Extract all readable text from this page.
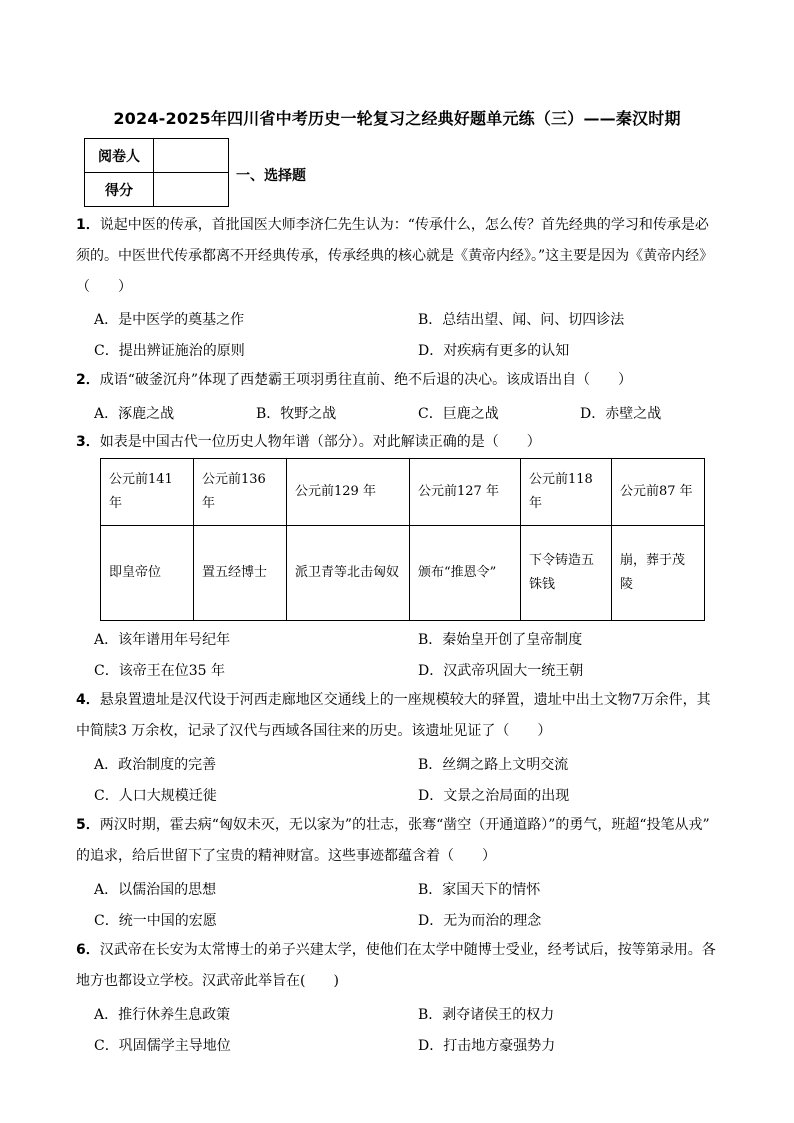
2024-2025年四川省中考历史一轮复习之经典好题单元练（三）——秦汉时期
阅卷人	
得分	
一、选择题
1．说起中医的传承，首批国医大师李济仁先生认为：“传承什么，怎么传？首先经典的学习和传承是必
须的。中医世代传承都离不开经典传承，传承经典的核心就是《黄帝内经》。”这主要是因为《黄帝内经》
（　　）
A．是中医学的奠基之作	B．总结出望、闻、问、切四诊法
C．提出辨证施治的原则	D．对疾病有更多的认知
2．成语“破釜沉舟”体现了西楚霸王项羽勇往直前、绝不后退的决心。该成语出自（　　）
A．涿鹿之战	B．牧野之战	C．巨鹿之战	D．赤壁之战
3．如表是中国古代一位历史人物年谱（部分）。对此解读正确的是（　　）
公元前141年	公元前136年	公元前129 年	公元前127 年	公元前118年	公元前87 年
即皇帝位	置五经博士	派卫青等北击匈奴	颁布“推恩令”	下令铸造五铢钱	崩，葬于茂陵
A．该年谱用年号纪年	B．秦始皇开创了皇帝制度
C．该帝王在位35 年	D．汉武帝巩固大一统王朝
4．悬泉置遗址是汉代设于河西走廊地区交通线上的一座规模较大的驿置，遗址中出土文物7万余件，其
中简牍3 万余枚，记录了汉代与西域各国往来的历史。该遗址见证了（　　）
A．政治制度的完善	B．丝绸之路上文明交流
C．人口大规模迁徙	D．文景之治局面的出现
5．两汉时期，霍去病“匈奴未灭，无以家为”的壮志，张骞“凿空（开通道路）”的勇气，班超“投笔从戎”
的追求，给后世留下了宝贵的精神财富。这些事迹都蕴含着（　　）
A．以儒治国的思想	B．家国天下的情怀
C．统一中国的宏愿	D．无为而治的理念
6．汉武帝在长安为太常博士的弟子兴建太学，使他们在太学中随博士受业，经考试后，按等第录用。各
地方也都设立学校。汉武帝此举旨在(　　)
A．推行休养生息政策	B．剥夺诸侯王的权力
C．巩固儒学主导地位	D．打击地方豪强势力
